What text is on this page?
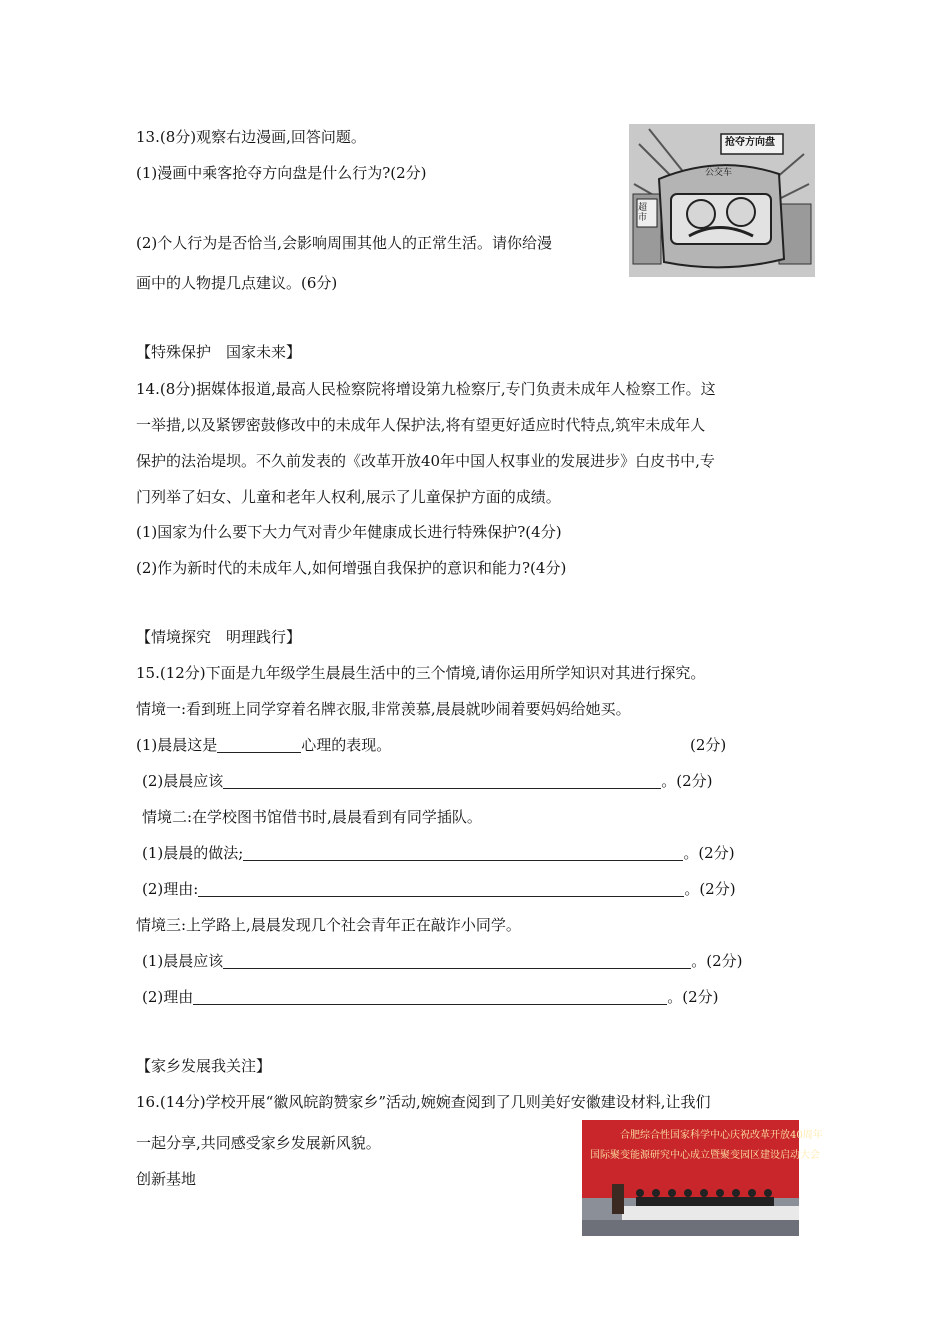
13.(8分)观察右边漫画,回答问题。
(1)漫画中乘客抢夺方向盘是什么行为?(2分)
(2)个人行为是否恰当,会影响周围其他人的正常生活。请你给漫
画中的人物提几点建议。(6分)
抢夺方向盘
公交车
超市
【特殊保护　国家未来】
14.(8分)据媒体报道,最高人民检察院将增设第九检察厅,专门负责未成年人检察工作。这
一举措,以及紧锣密鼓修改中的未成年人保护法,将有望更好适应时代特点,筑牢未成年人
保护的法治堤坝。不久前发表的《改革开放40年中国人权事业的发展进步》白皮书中,专
门列举了妇女、儿童和老年人权利,展示了儿童保护方面的成绩。
(1)国家为什么要下大力气对青少年健康成长进行特殊保护?(4分)
(2)作为新时代的未成年人,如何增强自我保护的意识和能力?(4分)
【情境探究　明理践行】
15.(12分)下面是九年级学生晨晨生活中的三个情境,请你运用所学知识对其进行探究。
情境一:看到班上同学穿着名牌衣服,非常羡慕,晨晨就吵闹着要妈妈给她买。
(1)晨晨这是	心理的表现。	(2分)
(2)晨晨应该	。(2分)
情境二:在学校图书馆借书时,晨晨看到有同学插队。
(1)晨晨的做法;	。(2分)
(2)理由:	。(2分)
情境三:上学路上,晨晨发现几个社会青年正在敲诈小同学。
(1)晨晨应该	。(2分)
(2)理由	。(2分)
【家乡发展我关注】
16.(14分)学校开展“徽风皖韵赞家乡”活动,婉婉查阅到了几则美好安徽建设材料,让我们
一起分享,共同感受家乡发展新风貌。
创新基地
合肥综合性国家科学中心庆祝改革开放40周年
国际聚变能源研究中心成立暨聚变园区建设启动大会
